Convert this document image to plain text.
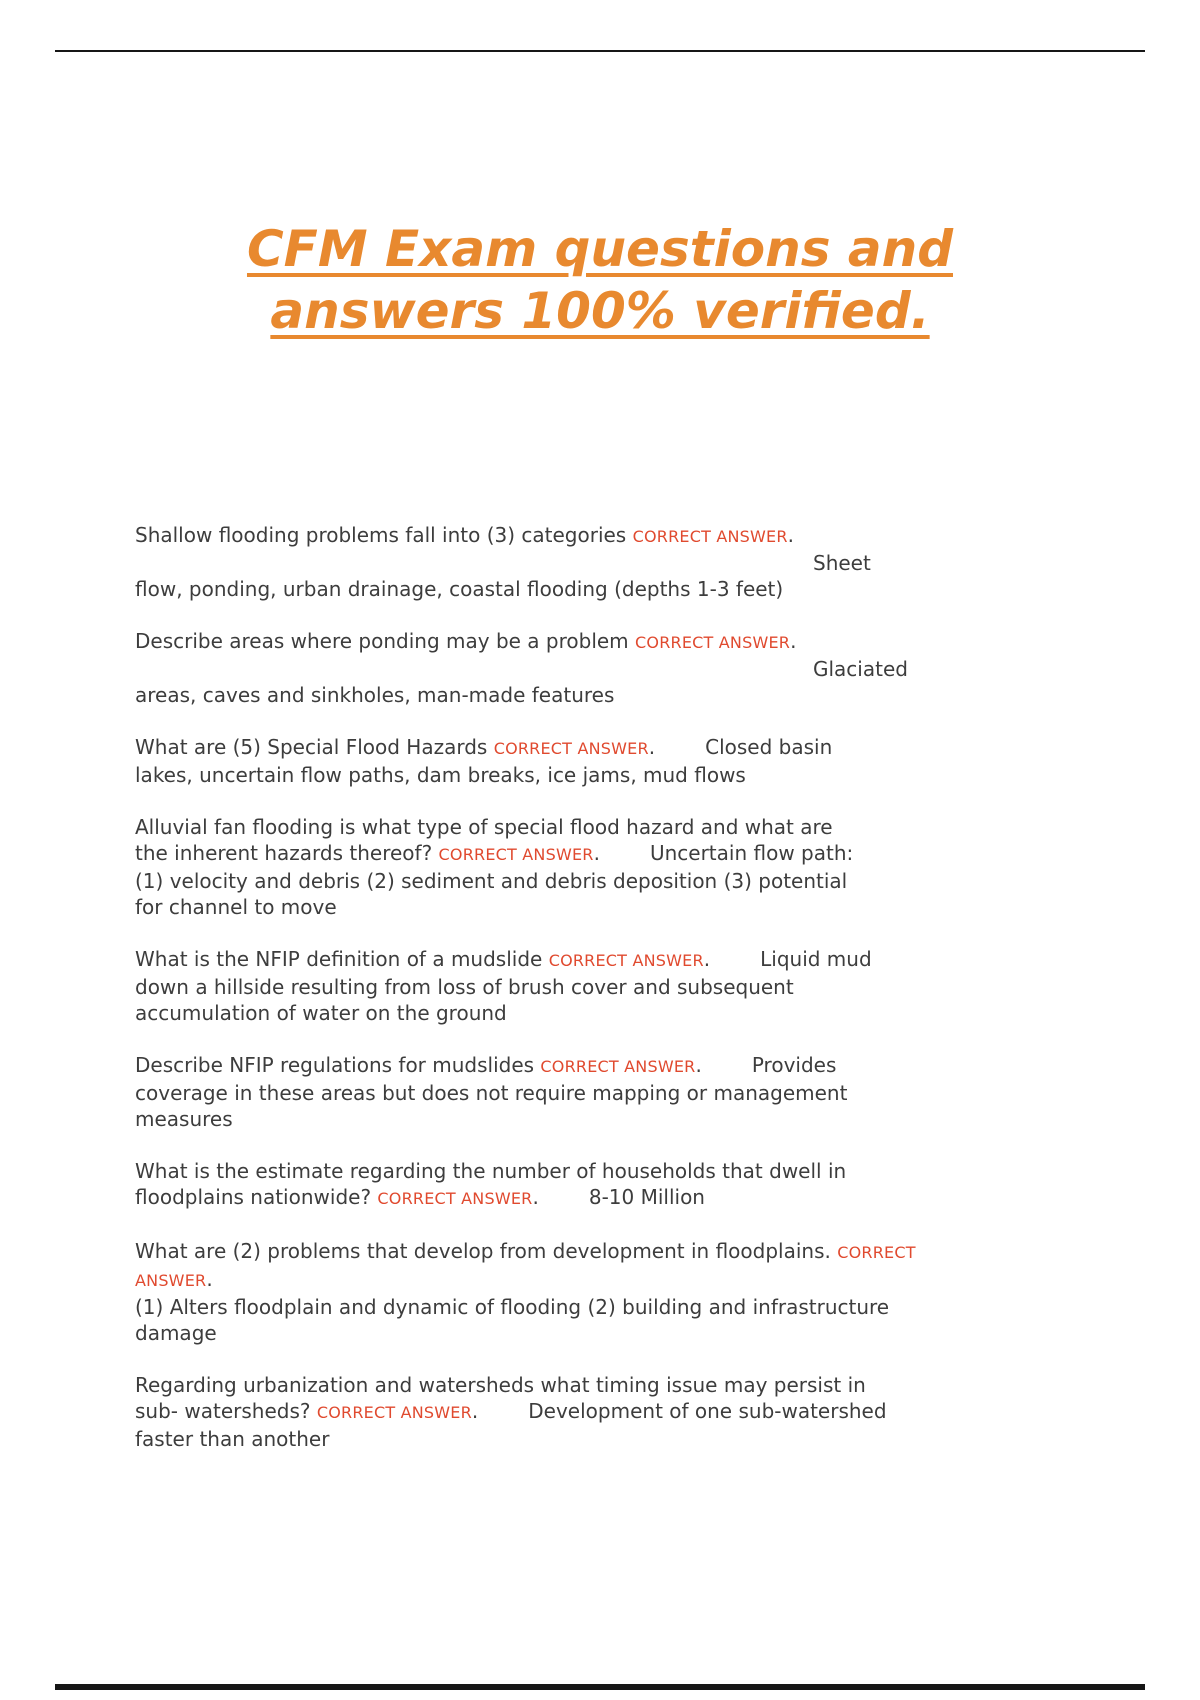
CFM Exam questions and
answers 100% verified.
Shallow flooding problems fall into (3) categories CORRECT ANSWER.
Sheet
flow, ponding, urban drainage, coastal flooding (depths 1-3 feet)
Describe areas where ponding may be a problem CORRECT ANSWER.
Glaciated
areas, caves and sinkholes, man-made features
What are (5) Special Flood Hazards CORRECT ANSWER.	Closed basin
lakes, uncertain flow paths, dam breaks, ice jams, mud flows
Alluvial fan flooding is what type of special flood hazard and what are
the inherent hazards thereof? CORRECT ANSWER.	Uncertain flow path:
(1) velocity and debris (2) sediment and debris deposition (3) potential
for channel to move
What is the NFIP definition of a mudslide CORRECT ANSWER.	Liquid mud
down a hillside resulting from loss of brush cover and subsequent
accumulation of water on the ground
Describe NFIP regulations for mudslides CORRECT ANSWER.	Provides
coverage in these areas but does not require mapping or management
measures
What is the estimate regarding the number of households that dwell in
floodplains nationwide? CORRECT ANSWER.	8-10 Million
What are (2) problems that develop from development in floodplains. CORRECT
ANSWER.
(1) Alters floodplain and dynamic of flooding (2) building and infrastructure
damage
Regarding urbanization and watersheds what timing issue may persist in
sub- watersheds? CORRECT ANSWER.	Development of one sub-watershed
faster than another
